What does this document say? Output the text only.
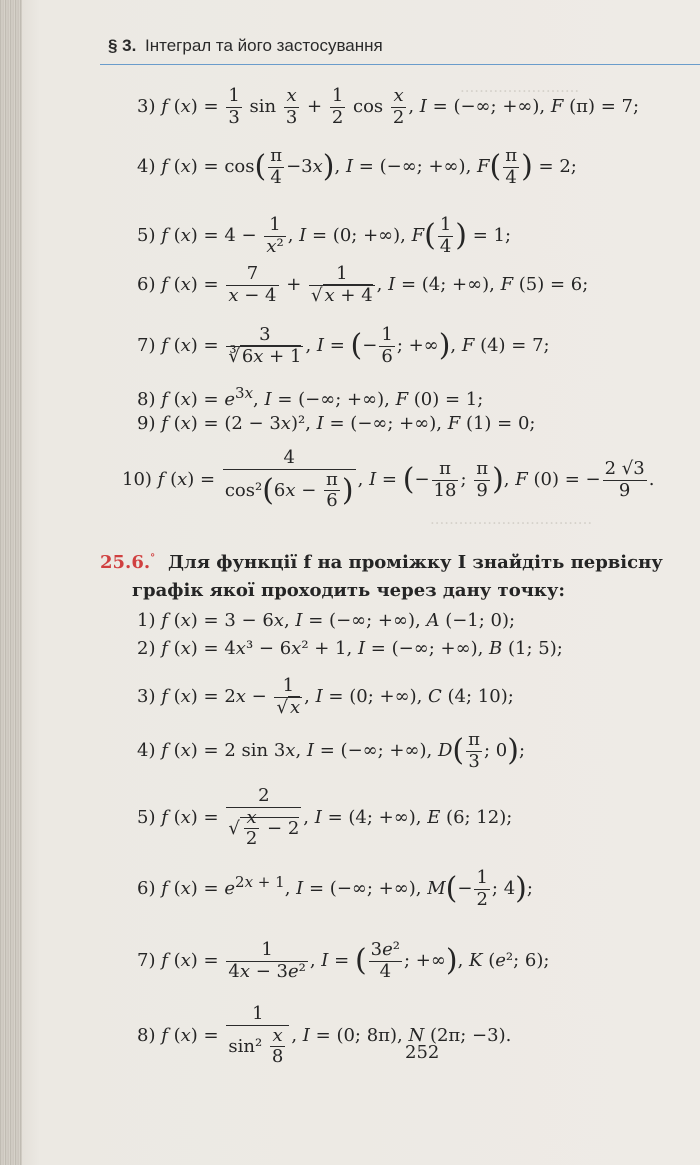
.........................
..................................
§ 3. Інтеграл та його застосування
3) f $(x) = \frac{1}{3}$ $\sin \frac{x}{3} + \frac{1}{2}$ $\cos \frac{x}{2}$ , I = (−∞; +∞), F (π) = 7;
4) f $(x) = \cos( \frac{\pi}{4} -3x)$, I = (−∞; +∞), $F( \frac{\pi}{4}$ ) = 2;
5) f $(x) = 4 - \frac{1}{\text{x²}}$ , I = (0; +∞), $F( \frac{1}{4}$ ) = 1;
6) f $(x) = \frac{7}{x - 4} + \frac{1}{√ x + 4}$ , I = (4; +∞), F (5) = 6;
7) f $(x) = \frac{3}{∛ 6x + 1}$ , I = (− $\frac{1}{6}$ ; +∞), F (4) = 7;
8) f $(x) = e^{3x}$, I = (−∞; +∞), F (0) = 1;
9) f (x) = (2 − 3x)², I = (−∞; +∞), F (1) = 0;
10) f $(x) = \frac{4}{\cos^2(6x - \frac{\pi}{6} )}$ , I = (− $\frac{\pi}{18}$ ; $\frac{\pi}{9}$ ), F (0) = − $\frac{2 √3}{9}$ .
25.6.° Для функції f на проміжку I знайдіть первісну
графік якої проходить через дану точку:
1) f (x) = 3 − 6x, I = (−∞; +∞), A (−1; 0);
2) f (x) = 4x³ − 6x² + 1, I = (−∞; +∞), B (1; 5);
3) f $(x) = 2x - \frac{1}{√ x}$ , I = (0; +∞), C (4; 10);
4) f (x) = 2 sin 3x, I = (−∞; +∞), $D( \frac{\pi}{3}$ ; 0);
5) f $(x) = \frac{2}{√ \frac{x}{2} - 2}$ , I = (4; +∞), E (6; 12);
6) f $(x) = e^{2x + 1}$, I = (−∞; +∞), $M(- \frac{1}{2}$ ; 4);
7) f $(x) = \frac{1}{\text{4x − 3e²}}$ , I = ( $\frac{\text{3e²}}{4}$ ; +∞), K (e²; 6);
8) f $(x) = \frac{1}{\sin^2 \frac{x}{8}}$ , I = (0; 8π), N (2π; −3).
252
